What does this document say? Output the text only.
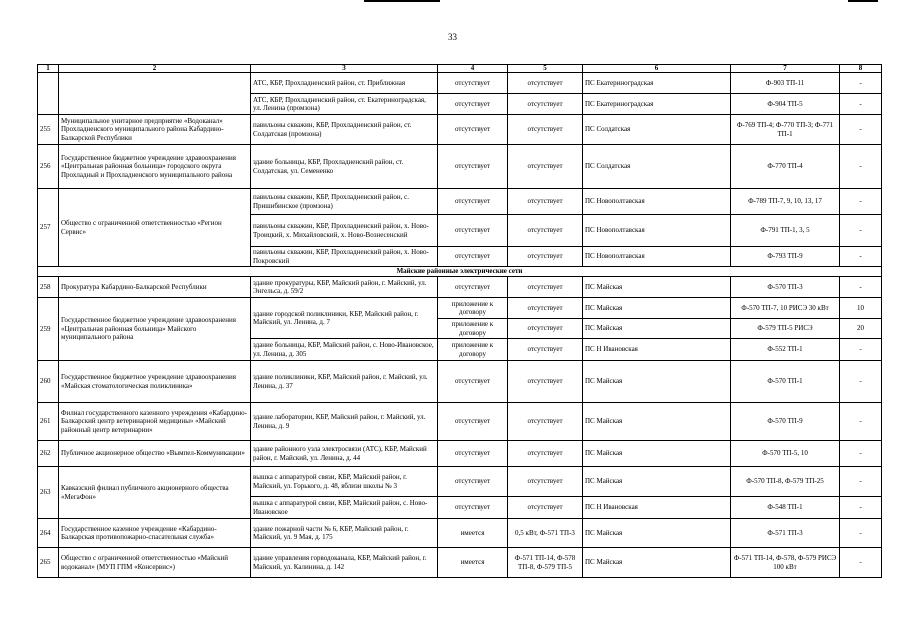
33
1	2	3	4	5	6	7	8
		АТС, КБР, Прохладненский район, ст. Приближная	отсутствует	отсутствует	ПС Екатериноградская	Ф-903 ТП-11	-
		АТС, КБР, Прохладненский район, ст. Екатериноградская, ул. Ленина (промзона)	отсутствует	отсутствует	ПС Екатериноградская	Ф-904 ТП-5	-
255	Муниципальное унитарное предприятие «Водоканал» Прохладненского муниципального района Кабардино-Балкарской Республики	павильоны скважин, КБР, Прохладненский район, ст. Солдатская (промзона)	отсутствует	отсутствует	ПС Солдатская	Ф-769 ТП-4; Ф-770 ТП-3; Ф-771 ТП-1	-
256	Государственное бюджетное учреждение здравоохранения «Центральная районная больница» городского округа Прохладный и Прохладненского муниципального района	здание больницы, КБР, Прохладненский район, ст. Солдатская, ул. Семененко	отсутствует	отсутствует	ПС Солдатская	Ф-770 ТП-4	-
257	Общество с ограниченной ответственностью «Регион Сервис»	павильоны скважин, КБР, Прохладненский район, с. Пришибинское (промзона)	отсутствует	отсутствует	ПС Новополтавская	Ф-789 ТП-7, 9, 10, 13, 17	-
		павильоны скважин, КБР, Прохладненский район, х. Ново-Троицкий, х. Михайловский, х. Ново-Вознесенский	отсутствует	отсутствует	ПС Новополтавская	Ф-791 ТП-1, 3, 5	-
		павильоны скважин, КБР, Прохладненский район, х. Ново-Покровский	отсутствует	отсутствует	ПС Новополтавская	Ф-793 ТП-9	-
Майские районные электрические сети							
258	Прокуратура Кабардино-Балкарской Республики	здание прокуратуры, КБР, Майский район, г. Майский, ул. Энгельса, д. 59/2	отсутствует	отсутствует	ПС Майская	Ф-570 ТП-3	-
259	Государственное бюджетное учреждение здравоохранения «Центральная районная больница» Майского муниципального района	здание городской поликлиники, КБР, Майский район, г. Майский, ул. Ленина, д. 7	приложение к договору	отсутствует	ПС Майская	Ф-570 ТП-7, 10 РИСЭ 30 кВт	10
			приложение к договору	отсутствует	ПС Майская	Ф-579 ТП-5 РИСЭ	20
		здание больницы, КБР, Майский район, с. Ново-Ивановское, ул. Ленина, д. 305	приложение к договору	отсутствует	ПС Н Ивановская	Ф-552 ТП-1	-
260	Государственное бюджетное учреждение здравоохранения «Майская стоматологическая поликлиника»	здание поликлиники, КБР, Майский район, г. Майский, ул. Ленина, д. 37	отсутствует	отсутствует	ПС Майская	Ф-570 ТП-1	-
261	Филиал государственного казенного учреждения «Кабардино-Балкарский центр ветеринарной медицины» «Майский районный центр ветеринарии»	здание лаборатории, КБР, Майский район, г. Майский, ул. Ленина, д. 9	отсутствует	отсутствует	ПС Майская	Ф-570 ТП-9	-
262	Публичное акционерное общество «Вымпел-Коммуникации»	здание районного узла электросвязи (АТС), КБР, Майский район, г. Майский, ул. Ленина, д. 44	отсутствует	отсутствует	ПС Майская	Ф-570 ТП-5, 10	-
263	Кавказский филиал публичного акционерного общества «МегаФон»	вышка с аппаратурой связи, КБР, Майский район, г. Майский, ул. Горького, д. 48, вблизи школы № 3	отсутствует	отсутствует	ПС Майская	Ф-570 ТП-8, Ф-579 ТП-25	-
		вышка с аппаратурой связи, КБР, Майский район, с. Ново-Ивановское	отсутствует	отсутствует	ПС Н Ивановская	Ф-548 ТП-1	-
264	Государственное казенное учреждение «Кабардино-Балкарская противопожарно-спасательная служба»	здание пожарной части № 6, КБР, Майский район, г. Майский, ул. 9 Мая, д. 175	имеется	0,5 кВт, Ф-571 ТП-3	ПС Майская	Ф-571 ТП-3	-
265	Общество с ограниченной ответственностью «Майский водоканал» (МУП ГПМ «Консервис»)	здание управления горводоканала, КБР, Майский район, г. Майский, ул. Калинина, д. 142	имеется	Ф-571 ТП-14, Ф-578 ТП-8, Ф-579 ТП-5	ПС Майская	Ф-571 ТП-14, Ф-578, Ф-579 РИСЭ 100 кВт	-
